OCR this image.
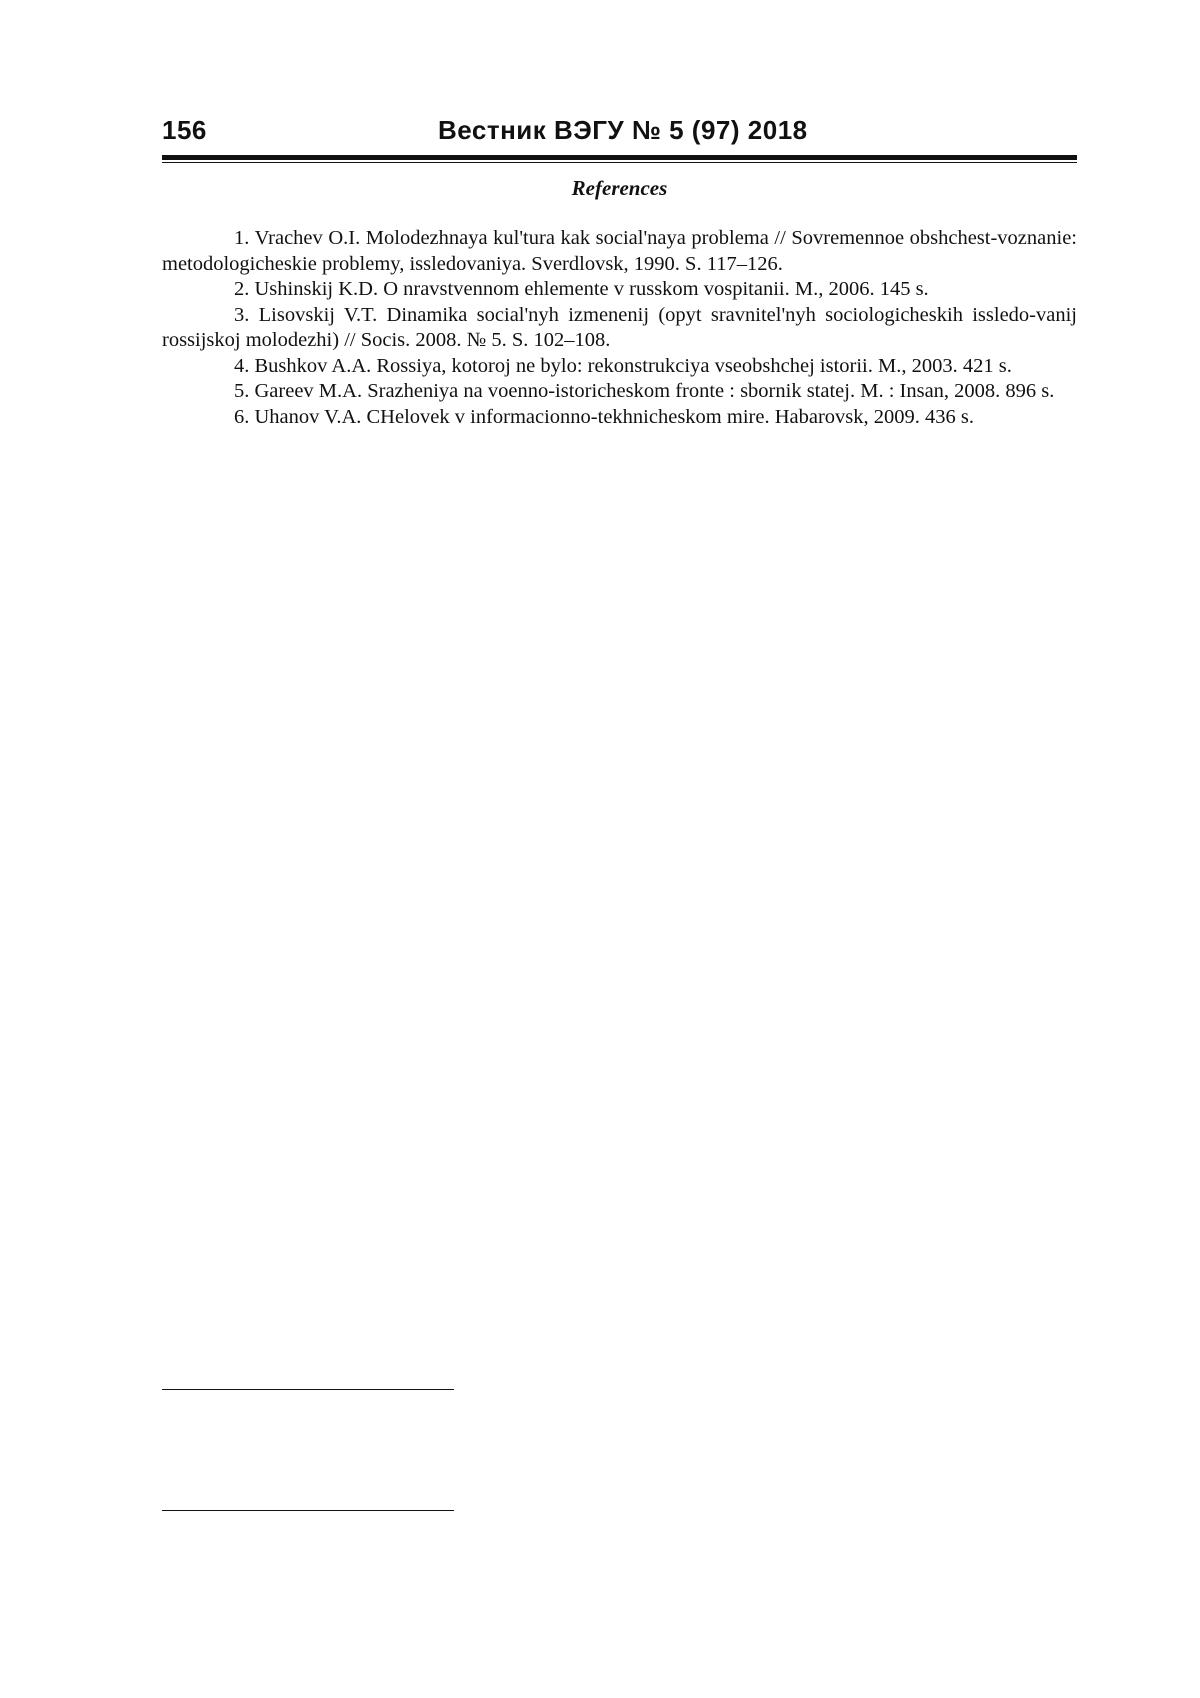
156	Вестник ВЭГУ № 5 (97) 2018
References

1. Vrachev O.I. Molodezhnaya kul'tura kak social'naya problema // Sovremennoe obshchest-voznanie: metodologicheskie problemy, issledovaniya. Sverdlovsk, 1990. S. 117–126.

2. Ushinskij K.D. O nravstvennom ehlemente v russkom vospitanii. M., 2006. 145 s.

3. Lisovskij V.T. Dinamika social'nyh izmenenij (opyt sravnitel'nyh sociologicheskih issledo-vanij rossijskoj molodezhi) // Socis. 2008. № 5. S. 102–108.

4. Bushkov A.A. Rossiya, kotoroj ne bylo: rekonstrukciya vseobshchej istorii. M., 2003. 421 s.

5. Gareev M.A. Srazheniya na voenno-istoricheskom fronte : sbornik statej. M. : Insan, 2008. 896 s.

6. Uhanov V.A. CHelovek v informacionno-tekhnicheskom mire. Habarovsk, 2009. 436 s.
